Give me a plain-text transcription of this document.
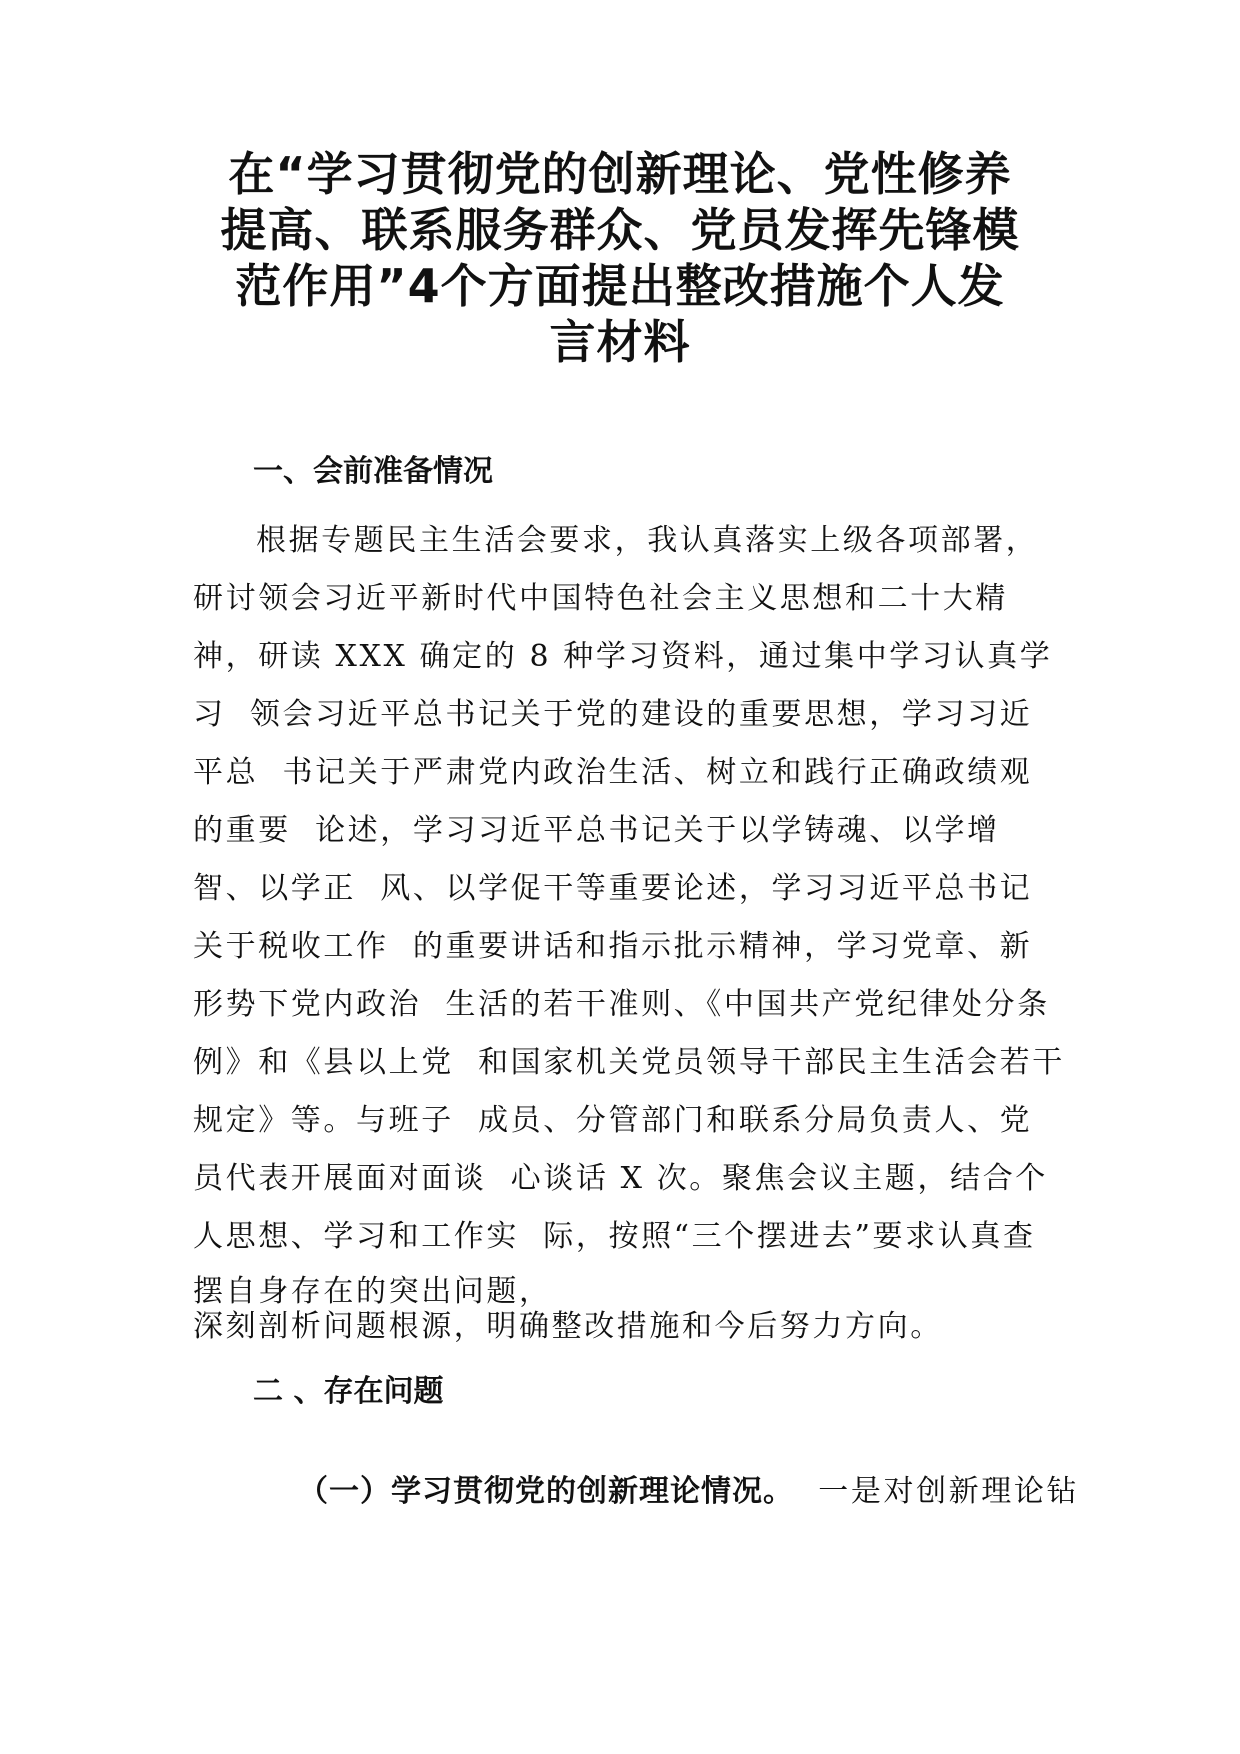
在“学习贯彻党的创新理论、党性修养
提高、联系服务群众、党员发挥先锋模
范作用”4个方面提出整改措施个人发
言材料
一、会前准备情况
根据专题民主生活会要求，我认真落实上级各项部署，
研讨领会习近平新时代中国特色社会主义思想和二十大精
神，研读 XXX 确定的 8 种学习资料，通过集中学习认真学
习  领会习近平总书记关于党的建设的重要思想，学习习近
平总  书记关于严肃党内政治生活、树立和践行正确政绩观
的重要  论述，学习习近平总书记关于以学铸魂、以学增
智、以学正  风、以学促干等重要论述，学习习近平总书记
关于税收工作  的重要讲话和指示批示精神，学习党章、新
形势下党内政治  生活的若干准则、《中国共产党纪律处分条
例》和《县以上党  和国家机关党员领导干部民主生活会若干
规定》等。与班子  成员、分管部门和联系分局负责人、党
员代表开展面对面谈  心谈话 X 次。聚焦会议主题，结合个
人思想、学习和工作实  际，按照“三个摆进去”要求认真查
摆自身存在的突出问题，
深刻剖析问题根源，明确整改措施和今后努力方向。
二 、存在问题

（一）学习贯彻党的创新理论情况。  一是对创新理论钻
